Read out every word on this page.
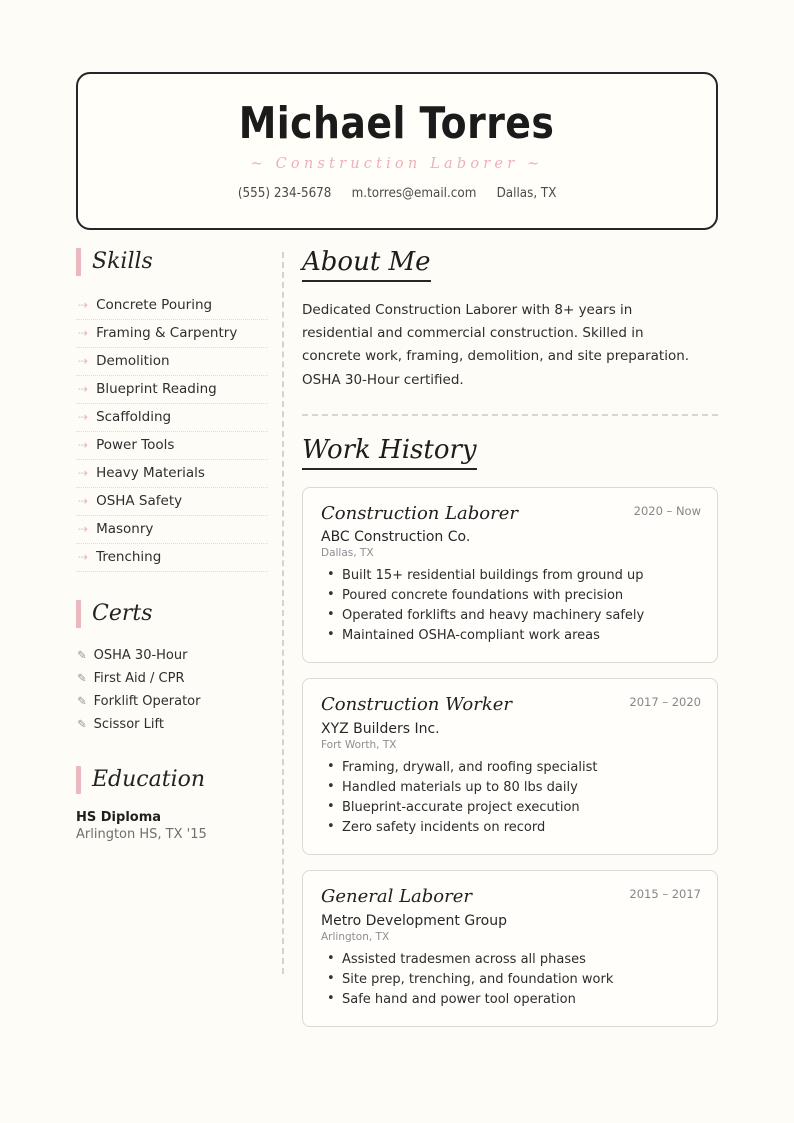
Michael Torres
~ Construction Laborer ~
(555) 234-5678 m.torres@email.com Dallas, TX
Skills
⇢ Concrete Pouring
⇢ Framing & Carpentry
⇢ Demolition
⇢ Blueprint Reading
⇢ Scaffolding
⇢ Power Tools
⇢ Heavy Materials
⇢ OSHA Safety
⇢ Masonry
⇢ Trenching
Certs
✎ OSHA 30-Hour
✎ First Aid / CPR
✎ Forklift Operator
✎ Scissor Lift
Education
HS Diploma
Arlington HS, TX '15
About Me

Dedicated Construction Laborer with 8+ years in residential and commercial construction. Skilled in concrete work, framing, demolition, and site preparation. OSHA 30-Hour certified.

Work History
2020 – Now
Construction Laborer
ABC Construction Co.
Dallas, TX
• Built 15+ residential buildings from ground up
• Poured concrete foundations with precision
• Operated forklifts and heavy machinery safely
• Maintained OSHA-compliant work areas
2017 – 2020
Construction Worker
XYZ Builders Inc.
Fort Worth, TX
• Framing, drywall, and roofing specialist
• Handled materials up to 80 lbs daily
• Blueprint-accurate project execution
• Zero safety incidents on record
2015 – 2017
General Laborer
Metro Development Group
Arlington, TX
• Assisted tradesmen across all phases
• Site prep, trenching, and foundation work
• Safe hand and power tool operation
